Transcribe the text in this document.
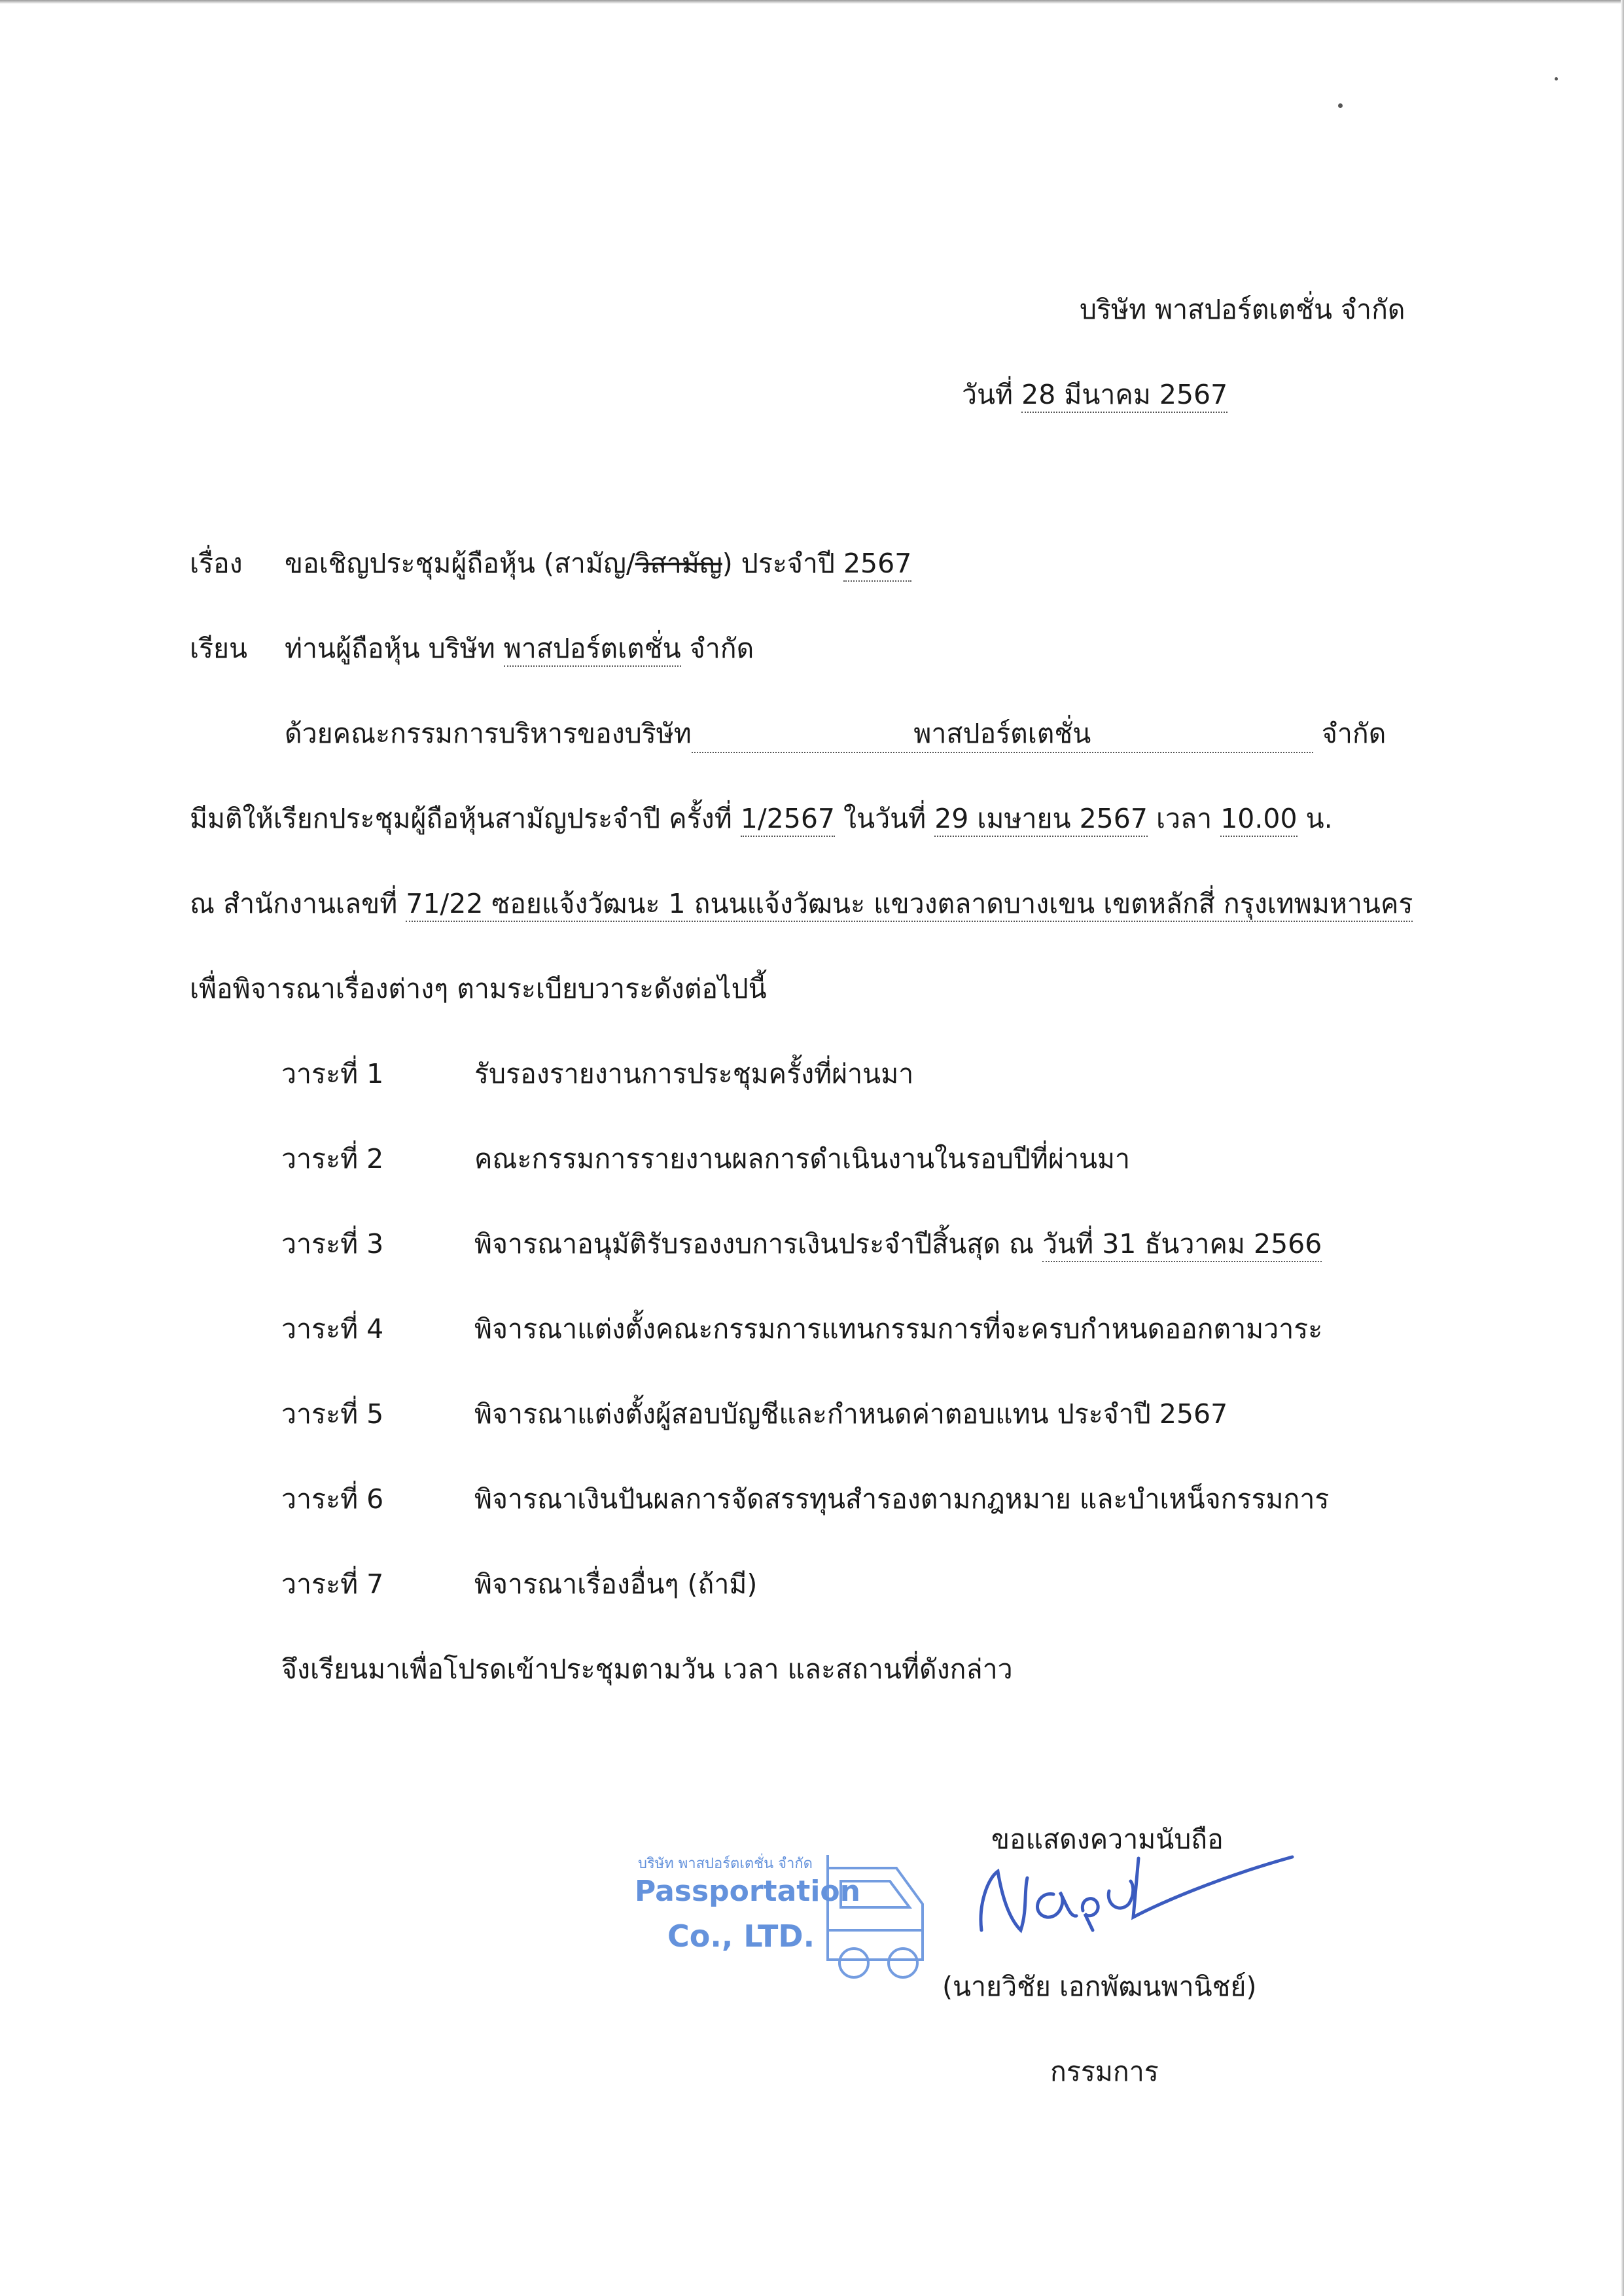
บริษัท พาสปอร์ตเตชั่น จำกัด
วันที่ 28 มีนาคม 2567
เรื่อง ขอเชิญประชุมผู้ถือหุ้น (สามัญ/วิสามัญ) ประจำปี 2567
เรียน ท่านผู้ถือหุ้น บริษัท พาสปอร์ตเตชั่น จำกัด
ด้วยคณะกรรมการบริหารของบริษัท	พาสปอร์ตเตชั่น	จำกัด
มีมติให้เรียกประชุมผู้ถือหุ้นสามัญประจำปี ครั้งที่ 1/2567 ในวันที่ 29 เมษายน 2567 เวลา 10.00 น.
ณ สำนักงานเลขที่ 71/22 ซอยแจ้งวัฒนะ 1 ถนนแจ้งวัฒนะ แขวงตลาดบางเขน เขตหลักสี่ กรุงเทพมหานคร
เพื่อพิจารณาเรื่องต่างๆ ตามระเบียบวาระดังต่อไปนี้
วาระที่ 1	รับรองรายงานการประชุมครั้งที่ผ่านมา
วาระที่ 2	คณะกรรมการรายงานผลการดำเนินงานในรอบปีที่ผ่านมา
วาระที่ 3	พิจารณาอนุมัติรับรองงบการเงินประจำปีสิ้นสุด ณ วันที่ 31 ธันวาคม 2566
วาระที่ 4	พิจารณาแต่งตั้งคณะกรรมการแทนกรรมการที่จะครบกำหนดออกตามวาระ
วาระที่ 5	พิจารณาแต่งตั้งผู้สอบบัญชีและกำหนดค่าตอบแทน ประจำปี 2567
วาระที่ 6	พิจารณาเงินปันผลการจัดสรรทุนสำรองตามกฎหมาย และบำเหน็จกรรมการ
วาระที่ 7	พิจารณาเรื่องอื่นๆ (ถ้ามี)
จึงเรียนมาเพื่อโปรดเข้าประชุมตามวัน เวลา และสถานที่ดังกล่าว
ขอแสดงความนับถือ
บริษัท พาสปอร์ตเตชั่น จำกัด
Passportation
Co., LTD.
(นายวิชัย เอกพัฒนพานิชย์)
กรรมการ
